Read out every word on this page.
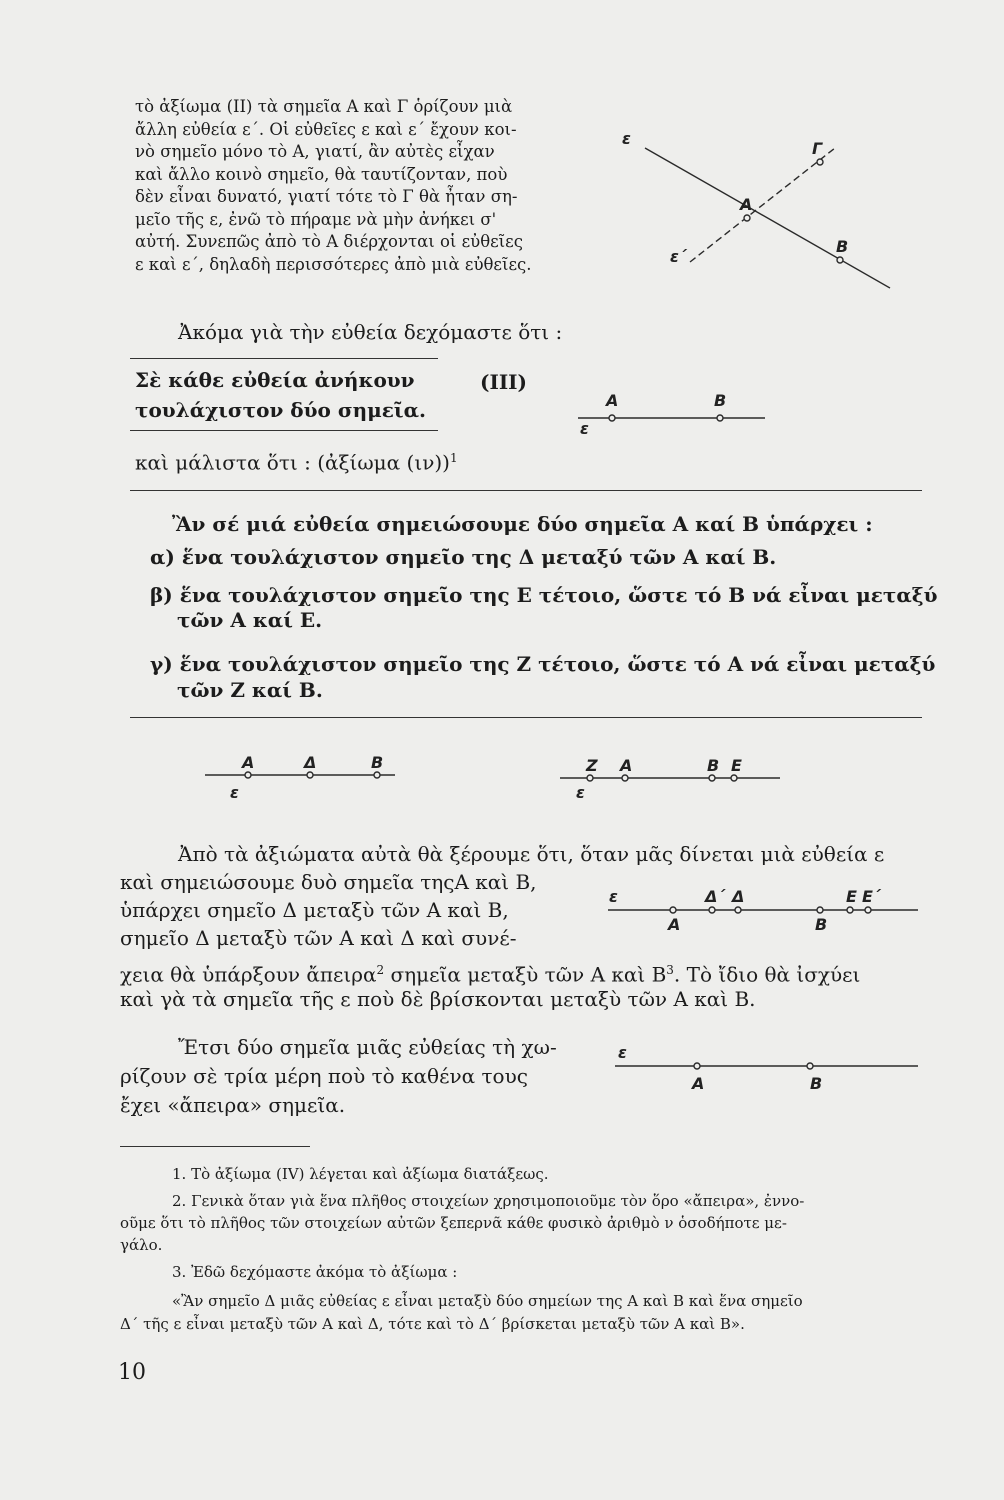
τὸ ἀξίωμα (ΙΙ) τὰ σημεῖα Α καὶ Γ ὁρίζουν μιὰ
ἄλλη εὐθεία ε΄. Οἱ εὐθεῖες ε καὶ ε΄ ἔχουν κοι-
νὸ σημεῖο μόνο τὸ Α, γιατί, ἂν αὐτὲς εἶχαν
καὶ ἄλλο κοινὸ σημεῖο, θὰ ταυτίζονταν, ποὺ
δὲν εἶναι δυνατό, γιατί τότε τὸ Γ θὰ ἦταν ση-
μεῖο τῆς ε, ἐνῶ τὸ πήραμε νὰ μὴν ἀνήκει σ'
αὐτή. Συνεπῶς ἀπὸ τὸ Α διέρχονται οἱ εὐθεῖες
ε καὶ ε΄, δηλαδὴ περισσότερες ἀπὸ μιὰ εὐθεῖες.
Ἀκόμα γιὰ τὴν εὐθεία δεχόμαστε ὅτι :
Σὲ κάθε εὐθεία ἀνήκουν
τουλάχιστον δύο σημεῖα.
(ΙΙΙ)
καὶ μάλιστα ὅτι : (ἀξίωμα (ιν))$^1$
Ἂν σέ μιά εὐθεία σημειώσουμε δύο σημεῖα Α καί Β ὑπάρχει :
α) ἕνα τουλάχιστον σημεῖο της Δ μεταξύ τῶν Α καί Β.
β) ἕνα τουλάχιστον σημεῖο της Ε τέτοιο, ὥστε τό Β νά εἶναι μεταξύ
τῶν Α καί Ε.
γ) ἕνα τουλάχιστον σημεῖο της Ζ τέτοιο, ὥστε τό Α νά εἶναι μεταξύ
τῶν Ζ καί Β.
Ἀπὸ τὰ ἀξιώματα αὐτὰ θὰ ξέρουμε ὅτι, ὅταν μᾶς δίνεται μιὰ εὐθεία ε
καὶ σημειώσουμε δυὸ σημεῖα τηςΑ καὶ Β,
ὑπάρχει σημεῖο Δ μεταξὺ τῶν Α καὶ Β,
σημεῖο Δ μεταξὺ τῶν Α καὶ Δ καὶ συνέ-
χεια θὰ ὑπάρξουν ἄπειρα$^2$ σημεῖα μεταξὺ τῶν Α καὶ $B^3$. Τὸ ἴδιο θὰ ἰσχύει
καὶ γὰ τὰ σημεῖα τῆς ε ποὺ δὲ βρίσκονται μεταξὺ τῶν Α καὶ Β.
Ἔτσι δύο σημεῖα μιᾶς εὐθείας τὴ χω-
ρίζουν σὲ τρία μέρη ποὺ τὸ καθένα τους
ἔχει «ἄπειρα» σημεῖα.
1. Τὸ ἀξίωμα (IV) λέγεται καὶ ἀξίωμα διατάξεως.
2. Γενικὰ ὅταν γιὰ ἕνα πλῆθος στοιχείων χρησιμοποιοῦμε τὸν ὅρο «ἄπειρα», ἐννο-
οῦμε ὅτι τὸ πλῆθος τῶν στοιχείων αὐτῶν ξεπερνᾶ κάθε φυσικὸ ἀριθμὸ ν ὁσοδήποτε με-
γάλο.
3. Ἐδῶ δεχόμαστε ἀκόμα τὸ ἀξίωμα :
«Ἂν σημεῖο Δ μιᾶς εὐθείας ε εἶναι μεταξὺ δύο σημείων της Α καὶ Β καὶ ἕνα σημεῖο
Δ΄ τῆς ε εἶναι μεταξὺ τῶν Α καὶ Δ, τότε καὶ τὸ Δ΄ βρίσκεται μεταξὺ τῶν Α καὶ Β».
10
ε
Γ
Α
ε΄
Β
Α	Β
ε
Α	Δ	Β
ε
Ζ Α	Β Ε
ε
ε	Δ΄ Δ	Ε Ε΄
Α	Β
ε
Α	Β
